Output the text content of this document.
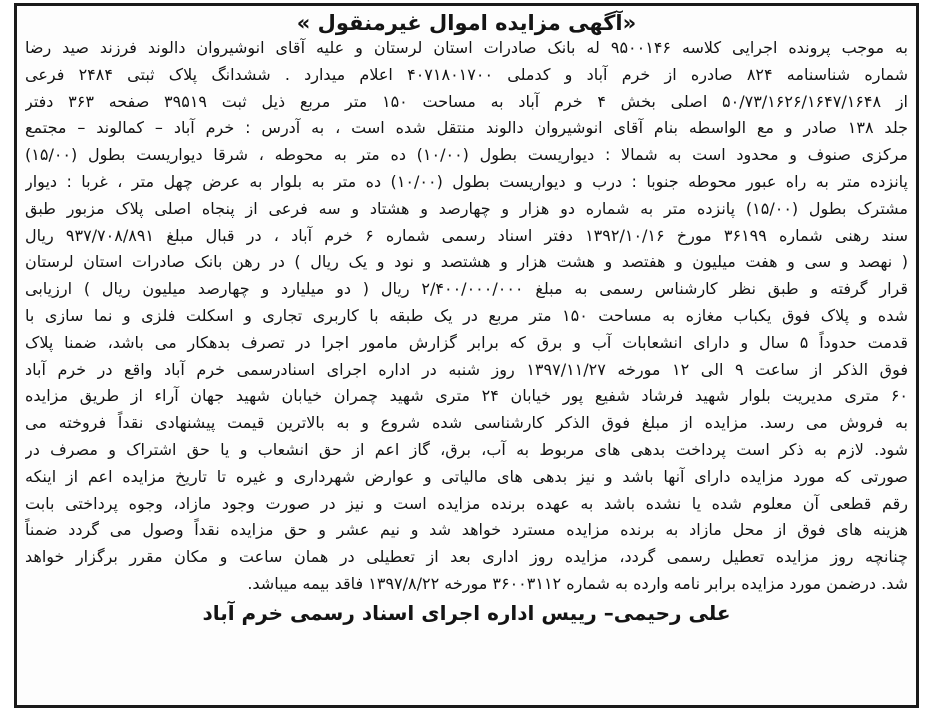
«آگهی مزایده اموال غیرمنقول »
به موجب پرونده اجرایی کلاسه ۹۵۰۰۱۴۶ له بانک صادرات استان لرستان و علیه آقای انوشیروان دالوند فرزند صید رضا
شماره شناسنامه ۸۲۴ صادره از خرم آباد و کدملی ۴۰۷۱۸۰۱۷۰۰ اعلام میدارد . ششدانگ پلاک ثبتی ۲۴۸۴ فرعی
از ۵۰/۷۳/۱۶۲۶/۱۶۴۷/۱۶۴۸ اصلی بخش ۴ خرم آباد به مساحت ۱۵۰ متر مربع ذیل ثبت ۳۹۵۱۹ صفحه ۳۶۳ دفتر
جلد ۱۳۸ صادر و مع الواسطه بنام آقای انوشیروان دالوند منتقل شده است ، به آدرس : خرم آباد – کمالوند – مجتمع
مرکزی صنوف و محدود است به شمالا : دیواریست بطول (۱۰/۰۰) ده متر به محوطه ، شرقا دیواریست بطول (۱۵/۰۰)
پانزده متر به راه عبور محوطه جنوبا : درب و دیواریست بطول (۱۰/۰۰) ده متر به بلوار به عرض چهل متر ، غربا : دیوار
مشترک بطول (۱۵/۰۰) پانزده متر به شماره دو هزار و چهارصد و هشتاد و سه فرعی از پنجاه اصلی پلاک مزبور طبق
سند رهنی شماره ۳۶۱۹۹ مورخ ۱۳۹۲/۱۰/۱۶ دفتر اسناد رسمی شماره ۶ خرم آباد ، در قبال مبلغ ۹۳۷/۷۰۸/۸۹۱ ریال
( نهصد و سی و هفت میلیون و هفتصد و هشت هزار و هشتصد و نود و یک ریال ) در رهن بانک صادرات استان لرستان
قرار گرفته و طبق نظر کارشناس رسمی به مبلغ ۲/۴۰۰/۰۰۰/۰۰۰ ریال ( دو میلیارد و چهارصد میلیون ریال ) ارزیابی
شده و پلاک فوق یکباب مغازه به مساحت ۱۵۰ متر مربع در یک طبقه با کاربری تجاری و اسکلت فلزی و نما سازی با
قدمت حدوداً ۵ سال و دارای انشعابات آب و برق که برابر گزارش مامور اجرا در تصرف بدهکار می باشد، ضمنا پلاک
فوق الذکر از ساعت ۹ الی ۱۲ مورخه ۱۳۹۷/۱۱/۲۷ روز شنبه در اداره اجرای اسنادرسمی خرم آباد واقع در خرم آباد
۶۰ متری مدیریت بلوار شهید فرشاد شفیع پور خیابان ۲۴ متری شهید چمران خیابان شهید جهان آراء از طریق مزایده
به فروش می رسد. مزایده از مبلغ فوق الذکر کارشناسی شده شروع و به بالاترین قیمت پیشنهادی نقداً فروخته می
شود. لازم به ذکر است پرداخت بدهی های مربوط به آب، برق، گاز اعم از حق انشعاب و یا حق اشتراک و مصرف در
صورتی که مورد مزایده دارای آنها باشد و نیز بدهی های مالیاتی و عوارض شهرداری و غیره تا تاریخ مزایده اعم از اینکه
رقم قطعی آن معلوم شده یا نشده باشد به عهده برنده مزایده است و نیز در صورت وجود مازاد، وجوه پرداختی بابت
هزینه های فوق از محل مازاد به برنده مزایده مسترد خواهد شد و نیم عشر و حق مزایده نقداً وصول می گردد ضمناً
چنانچه روز مزایده تعطیل رسمی گردد، مزایده روز اداری بعد از تعطیلی در همان ساعت و مکان مقرر برگزار خواهد
شد. درضمن مورد مزایده برابر نامه وارده به شماره ۳۶۰۰۳۱۱۲ مورخه ۱۳۹۷/۸/۲۲ فاقد بیمه میباشد.
علی رحیمی– رییس اداره اجرای اسناد رسمی خرم آباد
